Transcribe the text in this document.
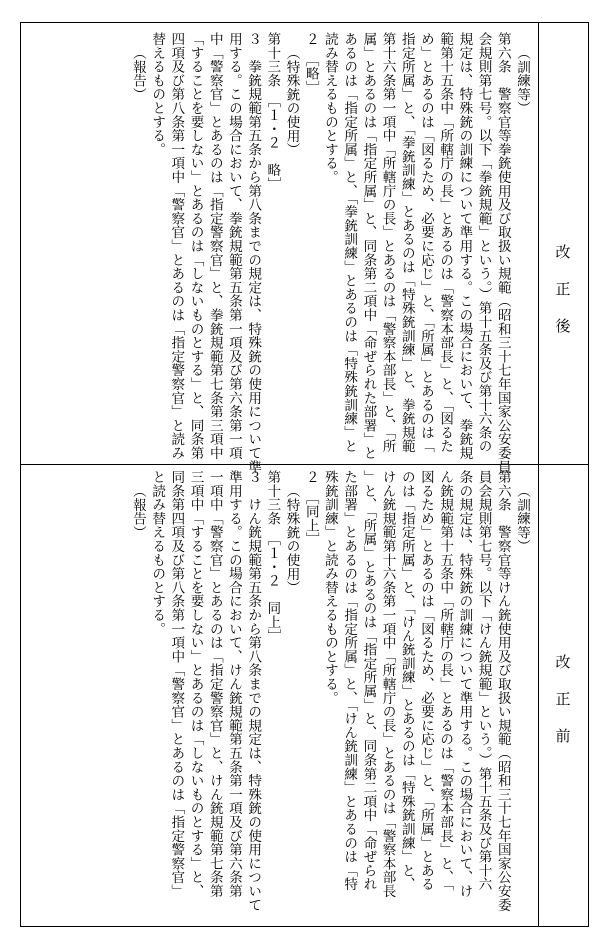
改
正
後
改
正
前
（訓練等）
第六条　警察官等拳銃使用及び取扱い規範（昭和三十七年国家公安委員
会規則第七号。以下「拳銃規範」という。）第十五条及び第十六条の
規定は、特殊銃の訓練について準用する。この場合において、拳銃規
範第十五条中「所轄庁の長」とあるのは「警察本部長」と、「図るた
め」とあるのは「図るため、必要に応じ」と、「所属」とあるのは「
指定所属」と、「拳銃訓練」とあるのは「特殊銃訓練」と、拳銃規範
第十六条第一項中「所轄庁の長」とあるのは「警察本部長」と、「所
属」とあるのは「指定所属」と、同条第二項中「命ぜられた部署」と
あるのは「指定所属」と、「拳銃訓練」とあるのは「特殊銃訓練」と
読み替えるものとする。
２　［略］
（特殊銃の使用）
第十三条　［１・２　略］
３　拳銃規範第五条から第八条までの規定は、特殊銃の使用について準
用する。この場合において、拳銃規範第五条第一項及び第六条第一項
中「警察官」とあるのは「指定警察官」と、拳銃規範第七条第三項中
「することを要しない」とあるのは「しないものとする」と、同条第
四項及び第八条第一項中「警察官」とあるのは「指定警察官」と読み
替えるものとする。
（報告）
（訓練等）
第六条　警察官等けん銃使用及び取扱い規範（昭和三十七年国家公安委
員会規則第七号。以下「けん銃規範」という。）第十五条及び第十六
条の規定は、特殊銃の訓練について準用する。この場合において、け
ん銃規範第十五条中「所轄庁の長」とあるのは「警察本部長」と、「
図るため」とあるのは「図るため、必要に応じ」と、「所属」とある
のは「指定所属」と、「けん銃訓練」とあるのは「特殊銃訓練」と、
けん銃規範第十六条第一項中「所轄庁の長」とあるのは「警察本部長
」と、「所属」とあるのは「指定所属」と、同条第二項中「命ぜられ
た部署」とあるのは「指定所属」と、「けん銃訓練」とあるのは「特
殊銃訓練」と読み替えるものとする。
２　［同上］
（特殊銃の使用）
第十三条　［１・２　同上］
３　けん銃規範第五条から第八条までの規定は、特殊銃の使用について
準用する。この場合において、けん銃規範第五条第一項及び第六条第
一項中「警察官」とあるのは「指定警察官」と、けん銃規範第七条第
三項中「することを要しない」とあるのは「しないものとする」と、
同条第四項及び第八条第一項中「警察官」とあるのは「指定警察官」
と読み替えるものとする。
（報告）
